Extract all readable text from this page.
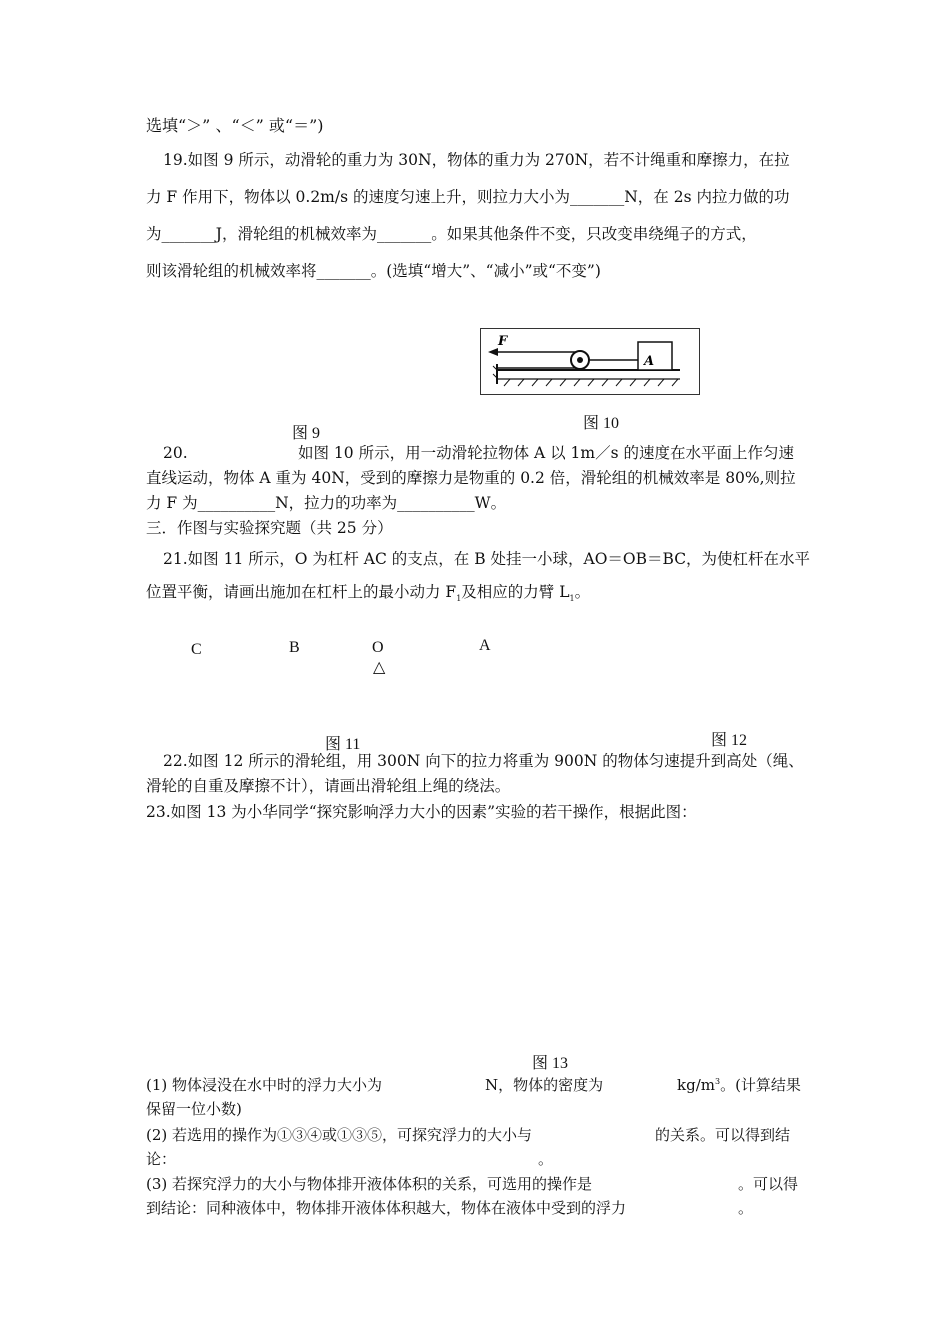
选填“＞” 、“＜” 或“＝”)
19.如图 9 所示，动滑轮的重力为 30N，物体的重力为 270N，若不计绳重和摩擦力，在拉
力 F 作用下，物体以 0.2m/s 的速度匀速上升，则拉力大小为_______N，在 2s 内拉力做的功
为_______J，滑轮组的机械效率为_______。如果其他条件不变，只改变串绕绳子的方式，
则该滑轮组的机械效率将_______。(选填“增大”、“减小”或“不变”)
F
A
图 10
图 9
20.	如图 10 所示，用一动滑轮拉物体 A 以 1m／s 的速度在水平面上作匀速
直线运动，物体 A 重为 40N，受到的摩擦力是物重的 0.2 倍，滑轮组的机械效率是 80%,则拉
力 F 为__________N，拉力的功率为__________W。
三．作图与实验探究题（共 25 分）
21.如图 11 所示，O 为杠杆 AC 的支点，在 B 处挂一小球，AO＝OB＝BC，为使杠杆在水平
位置平衡，请画出施加在杠杆上的最小动力 $F_1$及相应的力臂 $L_1$。
C	B	O	A
△
图 12
图 11
22.如图 12 所示的滑轮组，用 300N 向下的拉力将重为 900N 的物体匀速提升到高处（绳、
滑轮的自重及摩擦不计），请画出滑轮组上绳的绕法。
23.如图 13 为小华同学“探究影响浮力大小的因素”实验的若干操作，根据此图：
图 13
(1) 物体浸没在水中时的浮力大小为	N，物体的密度为	$kg/m^3$。(计算结果
保留一位小数)
(2) 若选用的操作为①③④或①③⑤，可探究浮力的大小与	的关系。可以得到结
论：	。
(3) 若探究浮力的大小与物体排开液体体积的关系，可选用的操作是	。可以得
到结论：同种液体中，物体排开液体体积越大，物体在液体中受到的浮力	。
